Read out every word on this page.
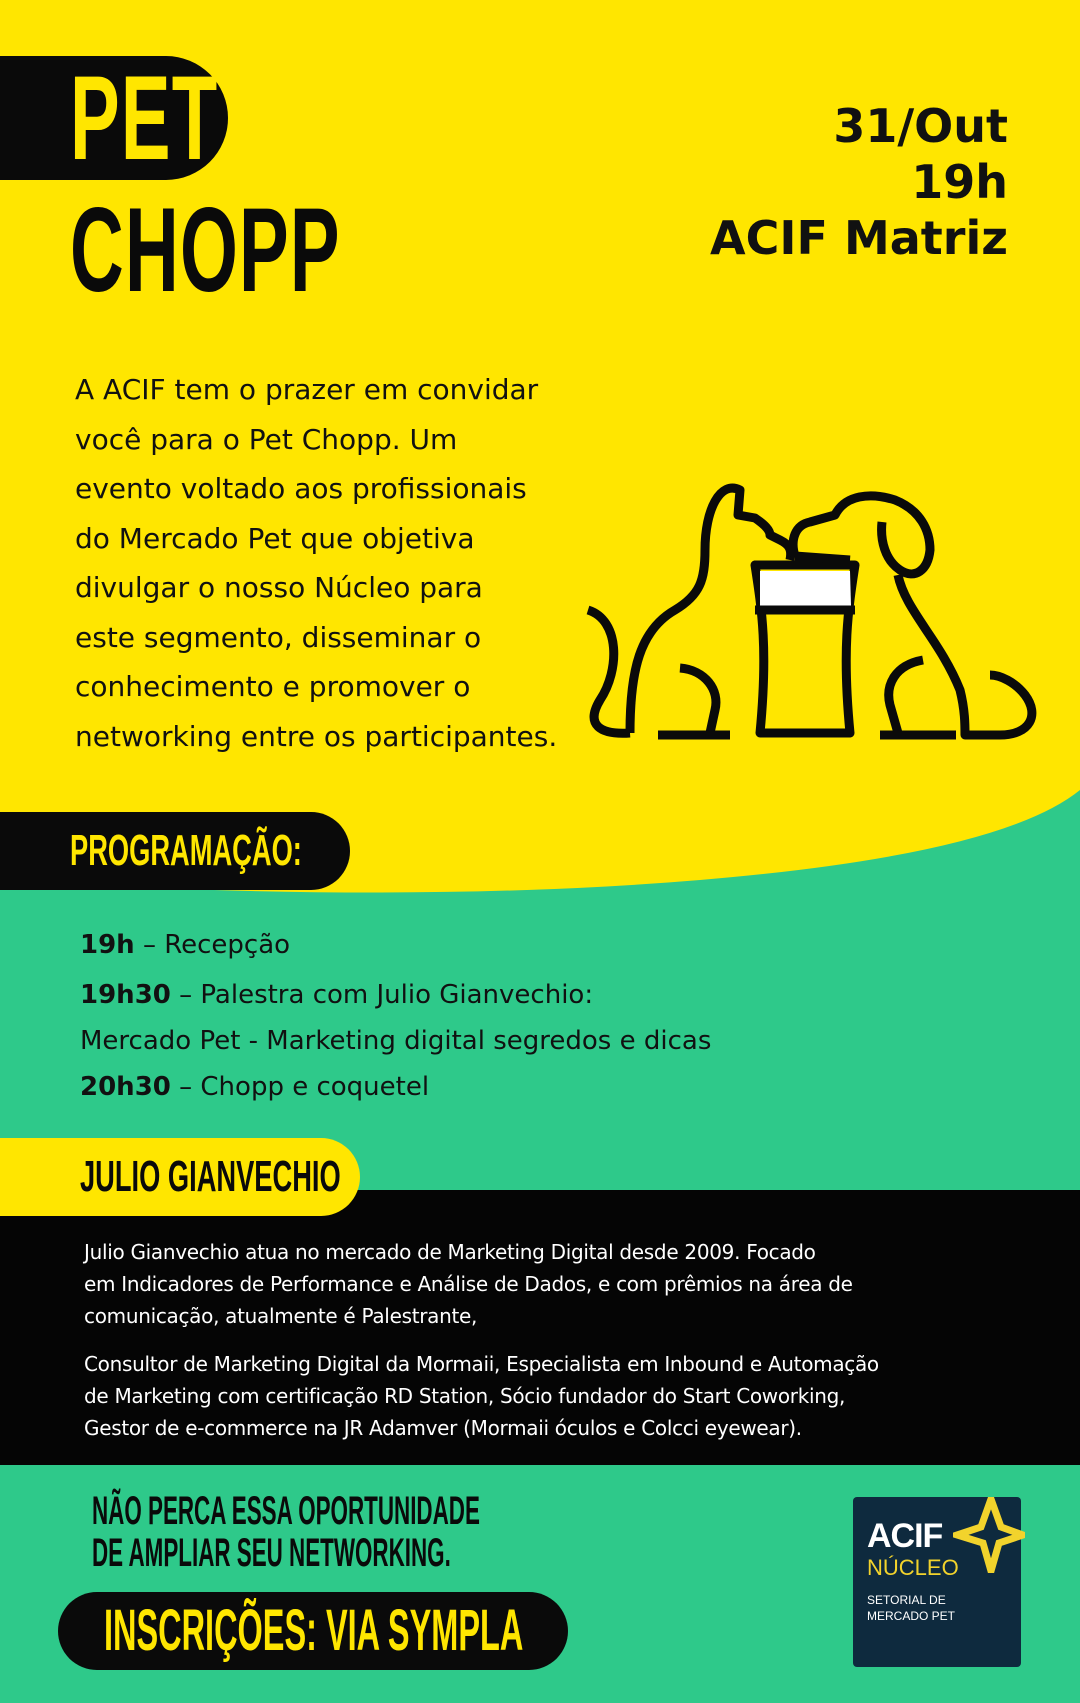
PET
CHOPP
31/Out
19h
ACIF Matriz
A ACIF tem o prazer em convidar
você para o Pet Chopp. Um
evento voltado aos profissionais
do Mercado Pet que objetiva
divulgar o nosso Núcleo para
este segmento, disseminar o
conhecimento e promover o
networking entre os participantes.
PROGRAMAÇÃO:
19h – Recepção
19h30 – Palestra com Julio Gianvechio:
Mercado Pet - Marketing digital segredos e dicas
20h30 – Chopp e coquetel
JULIO GIANVECHIO

Julio Gianvechio atua no mercado de Marketing Digital desde 2009. Focado
em Indicadores de Performance e Análise de Dados, e com prêmios na área de
comunicação, atualmente é Palestrante,

Consultor de Marketing Digital da Mormaii, Especialista em Inbound e Automação
de Marketing com certificação RD Station, Sócio fundador do Start Coworking,
Gestor de e-commerce na JR Adamver (Mormaii óculos e Colcci eyewear).

NÃO PERCA ESSA OPORTUNIDADE
DE AMPLIAR SEU NETWORKING.
INSCRIÇÕES: VIA SYMPLA
ACIF
NÚCLEO
SETORIAL DE
MERCADO PET
